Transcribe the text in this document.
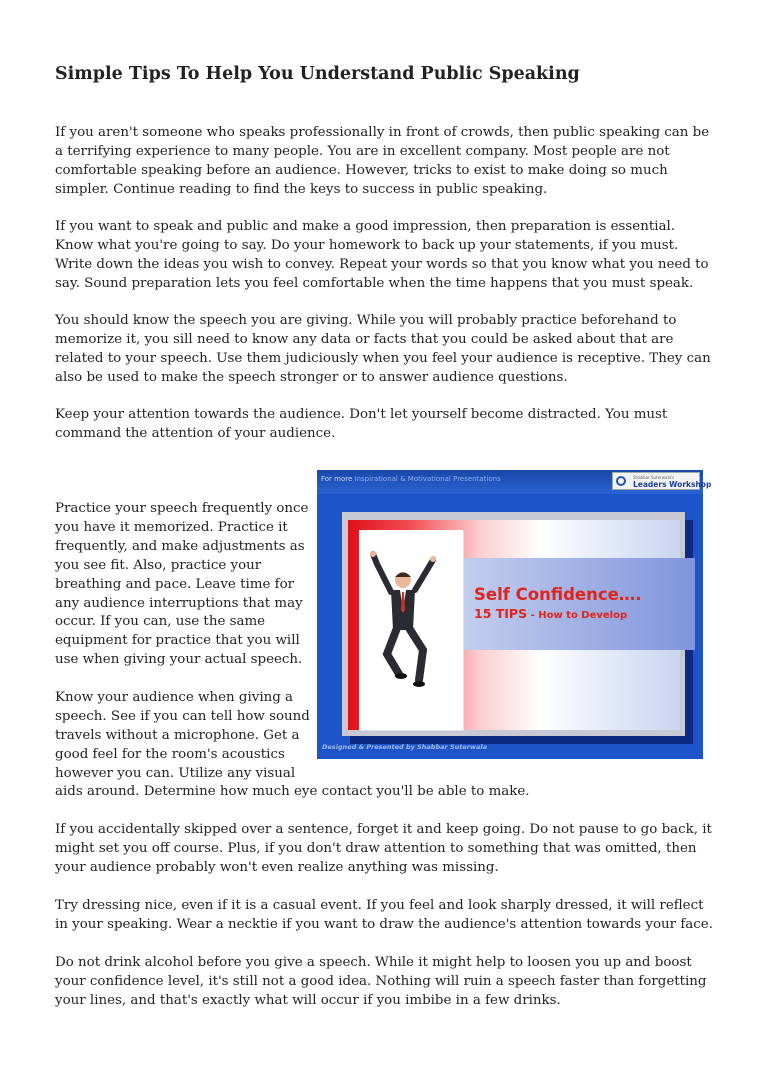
Simple Tips To Help You Understand Public Speaking

If you aren't someone who speaks professionally in front of crowds, then public speaking can be a terrifying experience to many people. You are in excellent company. Most people are not comfortable speaking before an audience. However, tricks to exist to make doing so much simpler. Continue reading to find the keys to success in public speaking.

If you want to speak and public and make a good impression, then preparation is essential. Know what you're going to say. Do your homework to back up your statements, if you must. Write down the ideas you wish to convey. Repeat your words so that you know what you need to say. Sound preparation lets you feel comfortable when the time happens that you must speak.

You should know the speech you are giving. While you will probably practice beforehand to memorize it, you sill need to know any data or facts that you could be asked about that are related to your speech. Use them judiciously when you feel your audience is receptive. They can also be used to make the speech stronger or to answer audience questions.

Keep your attention towards the audience. Don't let yourself become distracted. You must command the attention of your audience.

Practice your speech frequently once you have it memorized. Practice it frequently, and make adjustments as you see fit. Also, practice your breathing and pace. Leave time for any audience interruptions that may occur. If you can, use the same equipment for practice that you will use when giving your actual speech.

Know your audience when giving a speech. See if you can tell how sound travels without a microphone. Get a good feel for the room's acoustics however you can. Utilize any visual

aids around. Determine how much eye contact you'll be able to make.

If you accidentally skipped over a sentence, forget it and keep going. Do not pause to go back, it might set you off course. Plus, if you don't draw attention to something that was omitted, then your audience probably won't even realize anything was missing.

Try dressing nice, even if it is a casual event. If you feel and look sharply dressed, it will reflect in your speaking. Wear a necktie if you want to draw the audience's attention towards your face.

Do not drink alcohol before you give a speech. While it might help to loosen you up and boost your confidence level, it's still not a good idea. Nothing will ruin a speech faster than forgetting your lines, and that's exactly what will occur if you imbibe in a few drinks.

For more Inspirational & Motivational Presentations	Shabbar Suterwala's
Leaders Workshop
Self Confidence….
15 TIPS - How to Develop
Designed & Presented by Shabbar Suterwala
